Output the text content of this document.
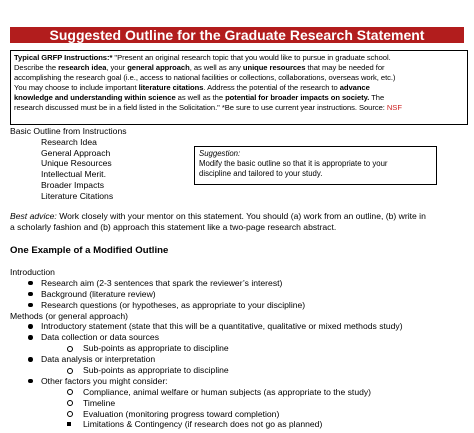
Suggested Outline for the Graduate Research Statement
Typical GRFP Instructions:* "Present an original research topic that you would like to pursue in graduate school.
Describe the research idea, your general approach, as well as any unique resources that may be needed for
accomplishing the research goal (i.e., access to national facilities or collections, collaborations, overseas work, etc.)
You may choose to include important literature citations. Address the potential of the research to advance
knowledge and understanding within science as well as the potential for broader impacts on society. The
research discussed must be in a field listed in the Solicitation." *Be sure to use current year instructions. Source: NSF
Basic Outline from Instructions
Research Idea
General Approach
Unique Resources
Intellectual Merit.
Broader Impacts
Literature Citations
Suggestion:
Modify the basic outline so that it is appropriate to your
discipline and tailored to your study.
Best advice: Work closely with your mentor on this statement. You should (a) work from an outline, (b) write in
a scholarly fashion and (b) approach this statement like a two-page research abstract.
One Example of a Modified Outline
Introduction
Research aim (2-3 sentences that spark the reviewer’s interest)
Background (literature review)
Research questions (or hypotheses, as appropriate to your discipline)
Methods (or general approach)
Introductory statement (state that this will be a quantitative, qualitative or mixed methods study)
Data collection or data sources
Sub-points as appropriate to discipline
Data analysis or interpretation
Sub-points as appropriate to discipline
Other factors you might consider:
Compliance, animal welfare or human subjects (as appropriate to the study)
Timeline
Evaluation (monitoring progress toward completion)
Limitations & Contingency (if research does not go as planned)
